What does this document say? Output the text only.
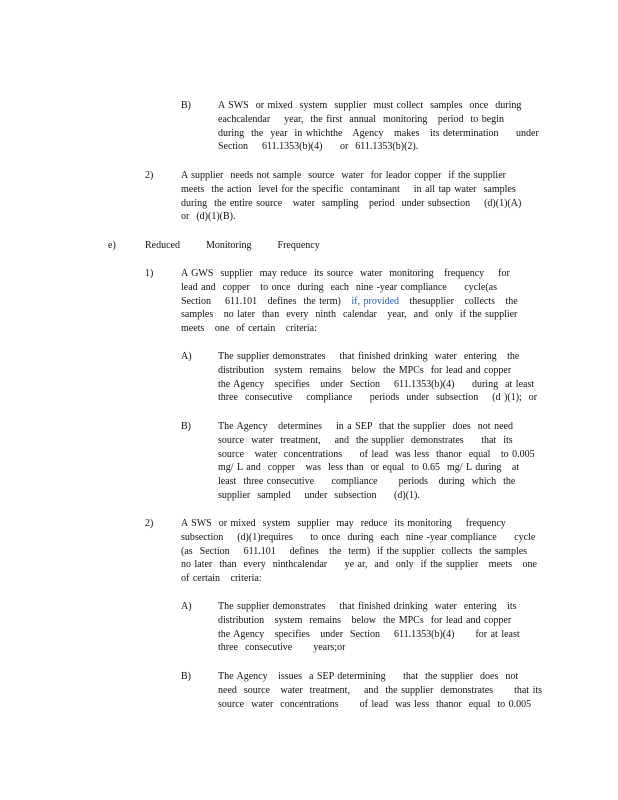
B)	A SWS  or mixed  system  supplier  must collect  samples  once  during
eachcalendar    year,  the first  annual  monitoring   period  to begin
during  the  year  in whichthe   Agency   makes   its determination     under
Section    611.1353(b)(4)     or  611.1353(b)(2).
2)	A supplier  needs not sample  source  water  for leador copper  if the supplier
meets  the action  level for the specific  contaminant    in all tap water  samples
during  the entire source   water  sampling   period  under subsection    (d)(1)(A)
or  (d)(1)(B).
e)	Reduced    Monitoring    Frequency
1)	A GWS  supplier  may reduce  its source  water  monitoring   frequency    for
lead and  copper   to once  during  each  nine -year compliance     cycle(as
Section    611.101   defines  the term)   if, provided   thesupplier   collects   the
samples   no later  than  every  ninth  calendar   year,  and  only  if the supplier
meets   one  of certain   criteria:
A)	The supplier demonstrates    that finished drinking  water  entering   the
distribution   system  remains   below  the MPCs  for lead and copper
the Agency   specifies   under  Section    611.1353(b)(4)     during  at least
three  consecutive    compliance     periods  under  subsection    (d )(1);  or
B)	The Agency   determines    in a SEP  that the supplier  does  not need
source  water  treatment,    and  the supplier  demonstrates     that  its
source   water  concentrations     of lead  was less  thanor  equal   to 0.005
mg/ L and  copper   was  less than  or equal  to 0.65  mg/ L during   at
least  three consecutive     compliance      periods   during  which  the
supplier  sampled    under  subsection     (d)(1).
2)	A SWS  or mixed  system  supplier  may  reduce  its monitoring    frequency
subsection    (d)(1)requires     to once  during  each  nine -year compliance     cycle
(as  Section    611.101    defines   the  term)  if the supplier  collects  the samples
no later  than  every  ninthcalendar     ye ar,  and  only  if the supplier   meets   one
of certain   criteria:
A)	The supplier demonstrates    that finished drinking  water  entering   its
distribution   system  remains   below  the MPCs  for lead and copper
the Agency   specifies   under  Section    611.1353(b)(4)      for at least
three  consecutive      years;or
B)	The Agency   issues  a SEP determining     that  the supplier  does  not
need  source   water  treatment,    and  the supplier  demonstrates      that its
source  water  concentrations      of lead  was less  thanor  equal  to 0.005
